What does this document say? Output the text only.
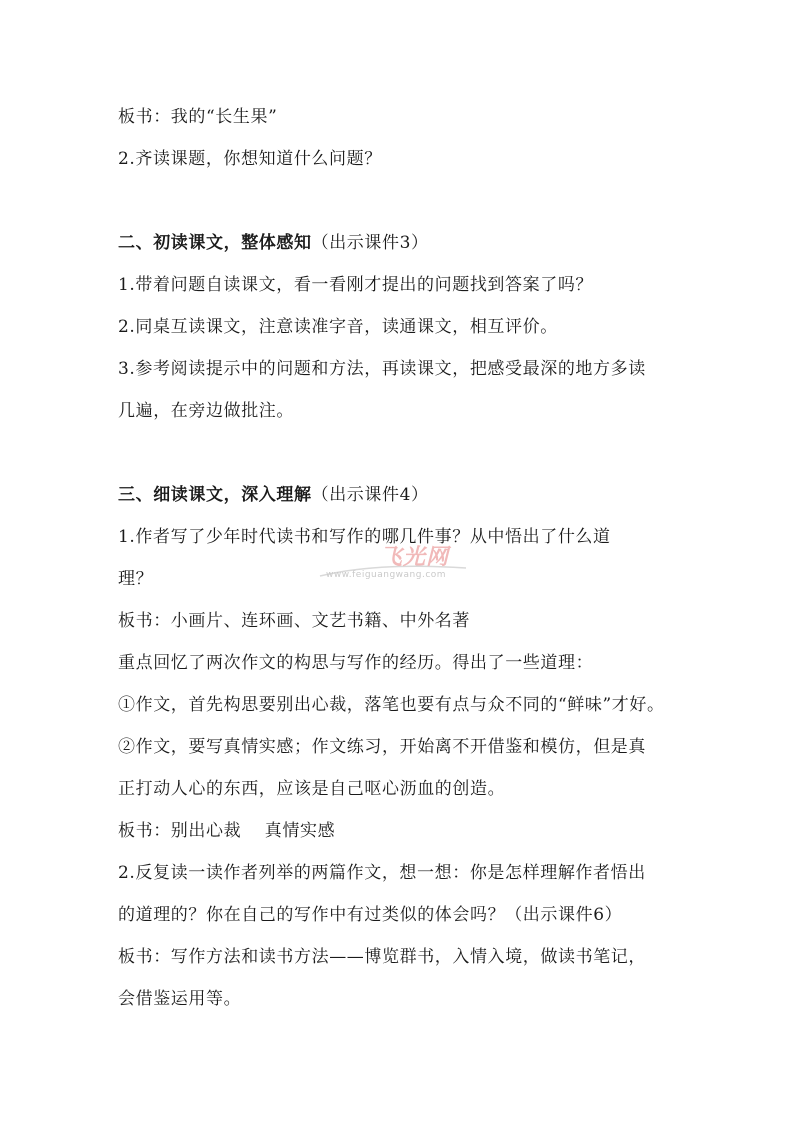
板书：我的“长生果”
2.齐读课题，你想知道什么问题？
二、初读课文，整体感知（出示课件3）
1.带着问题自读课文，看一看刚才提出的问题找到答案了吗？
2.同桌互读课文，注意读准字音，读通课文，相互评价。
3.参考阅读提示中的问题和方法，再读课文，把感受最深的地方多读
几遍，在旁边做批注。
三、细读课文，深入理解（出示课件4）
1.作者写了少年时代读书和写作的哪几件事？从中悟出了什么道
理？
板书：小画片、连环画、文艺书籍、中外名著
重点回忆了两次作文的构思与写作的经历。得出了一些道理：
①作文，首先构思要别出心裁，落笔也要有点与众不同的“鲜味”才好。
②作文，要写真情实感；作文练习，开始离不开借鉴和模仿，但是真
正打动人心的东西，应该是自己呕心沥血的创造。
板书：别出心裁　 真情实感
2.反复读一读作者列举的两篇作文，想一想：你是怎样理解作者悟出
的道理的？你在自己的写作中有过类似的体会吗？（出示课件6）
板书：写作方法和读书方法——博览群书，入情入境，做读书笔记，
会借鉴运用等。
飞光网
www.feiguangwang.com
